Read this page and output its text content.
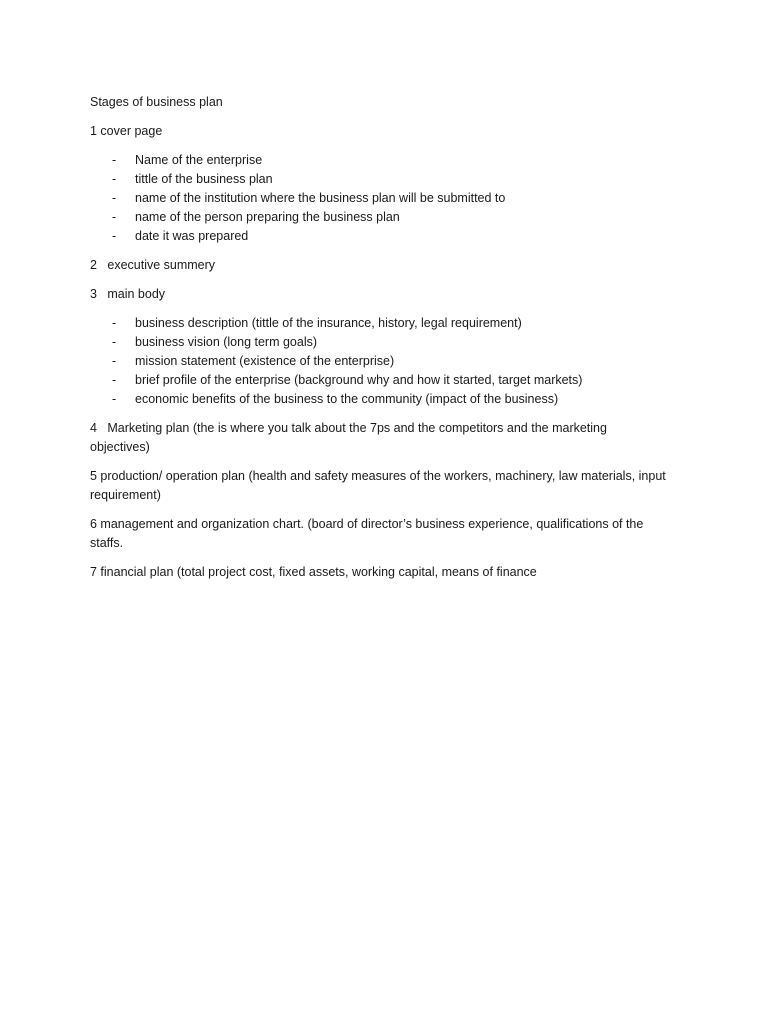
Stages of business plan

1 cover page

- Name of the enterprise
- tittle of the business plan
- name of the institution where the business plan will be submitted to
- name of the person preparing the business plan
- date it was prepared

2   executive summery

3   main body

- business description (tittle of the insurance, history, legal requirement)
- business vision (long term goals)
- mission statement (existence of the enterprise)
- brief profile of the enterprise (background why and how it started, target markets)
- economic benefits of the business to the community (impact of the business)

4   Marketing plan (the is where you talk about the 7ps and the competitors and the marketing objectives)

5 production/ operation plan (health and safety measures of the workers, machinery, law materials, input requirement)

6 management and organization chart. (board of director’s business experience, qualifications of the staffs.

7 financial plan (total project cost, fixed assets, working capital, means of finance
